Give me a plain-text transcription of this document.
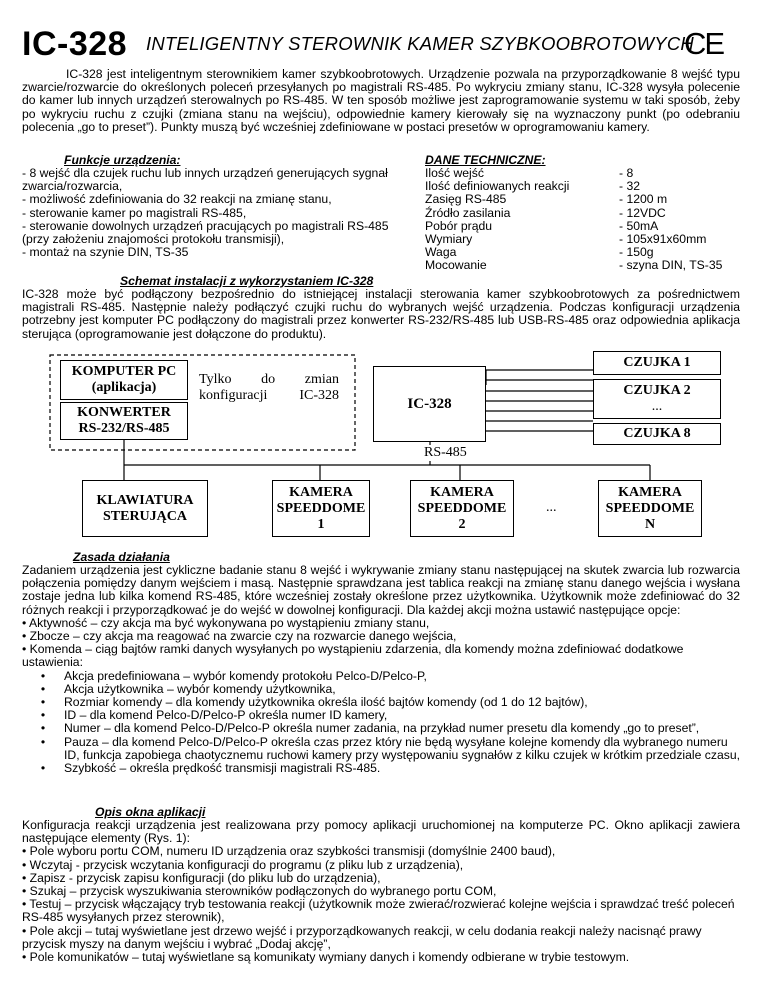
IC-328 INTELIGENTNY STEROWNIK KAMER SZYBKOOBROTOWYCH
CE

IC-328 jest inteligentnym sterownikiem kamer szybkoobrotowych. Urządzenie pozwala na przyporządkowanie 8 wejść typu zwarcie/rozwarcie do określonych poleceń przesyłanych po magistrali RS-485. Po wykryciu zmiany stanu, IC-328 wysyła polecenie do kamer lub innych urządzeń sterowalnych po RS-485. W ten sposób możliwe jest zaprogramowanie systemu w taki sposób, żeby po wykryciu ruchu z czujki (zmiana stanu na wejściu), odpowiednie kamery kierowały się na wyznaczony punkt (po odebraniu polecenia „go to preset”). Punkty muszą być wcześniej zdefiniowane w postaci presetów w oprogramowaniu kamery.

Funkcje urządzenia:
- 8 wejść dla czujek ruchu lub innych urządzeń generujących sygnał zwarcia/rozwarcia,
- możliwość zdefiniowania do 32 reakcji na zmianę stanu,
- sterowanie kamer po magistrali RS-485,
- sterowanie dowolnych urządzeń pracujących po magistrali RS-485 (przy założeniu znajomości protokołu transmisji),
- montaż na szynie DIN, TS-35
DANE TECHNICZNE:
Ilość wejść	- 8
Ilość definiowanych reakcji	- 32
Zasięg RS-485	- 1200 m
Źródło zasilania	- 12VDC
Pobór prądu	- 50mA
Wymiary	- 105x91x60mm
Waga	- 150g
Mocowanie	- szyna DIN, TS-35
Schemat instalacji z wykorzystaniem IC-328

IC-328 może być podłączony bezpośrednio do istniejącej instalacji sterowania kamer szybkoobrotowych za pośrednictwem magistrali RS-485. Następnie należy podłączyć czujki ruchu do wybranych wejść urządzenia. Podczas konfiguracji urządzenia potrzebny jest komputer PC podłączony do magistrali przez konwerter RS-232/RS-485 lub USB-RS-485 oraz odpowiednia aplikacja sterująca (oprogramowanie jest dołączone do produktu).

KOMPUTER PC
(aplikacja)
KONWERTER
RS-232/RS-485
Tylko do zmian konfiguracji IC-328
IC-328
CZUJKA 1
CZUJKA 2
...
CZUJKA 8
RS-485
KLAWIATURA
STERUJĄCA
KAMERA
SPEEDDOME
1
KAMERA
SPEEDDOME
2
...
KAMERA
SPEEDDOME
N
Zasada działania

Zadaniem urządzenia jest cykliczne badanie stanu 8 wejść i wykrywanie zmiany stanu następującej na skutek zwarcia lub rozwarcia połączenia pomiędzy danym wejściem i masą. Następnie sprawdzana jest tablica reakcji na zmianę stanu danego wejścia i wysłana zostaje jedna lub kilka komend RS-485, które wcześniej zostały określone przez użytkownika. Użytkownik może zdefiniować do 32 różnych reakcji i przyporządkować je do wejść w dowolnej konfiguracji. Dla każdej akcji można ustawić następujące opcje:

• Aktywność – czy akcja ma być wykonywana po wystąpieniu zmiany stanu,
• Zbocze – czy akcja ma reagować na zwarcie czy na rozwarcie danego wejścia,
• Komenda – ciąg bajtów ramki danych wysyłanych po wystąpieniu zdarzenia, dla komendy można zdefiniować dodatkowe ustawienia:
•	Akcja predefiniowana – wybór komendy protokołu Pelco-D/Pelco-P,
•	Akcja użytkownika – wybór komendy użytkownika,
•	Rozmiar komendy – dla komendy użytkownika określa ilość bajtów komendy (od 1 do 12 bajtów),
•	ID – dla komend Pelco-D/Pelco-P określa numer ID kamery,
•	Numer – dla komend Pelco-D/Pelco-P określa numer zadania, na przykład numer presetu dla komendy „go to preset”,
•	Pauza – dla komend Pelco-D/Pelco-P określa czas przez który nie będą wysyłane kolejne komendy dla wybranego numeru ID, funkcja zapobiega chaotycznemu ruchowi kamery przy występowaniu sygnałów z kilku czujek w krótkim przedziale czasu,
•	Szybkość – określa prędkość transmisji magistrali RS-485.
Opis okna aplikacji

Konfiguracja reakcji urządzenia jest realizowana przy pomocy aplikacji uruchomionej na komputerze PC. Okno aplikacji zawiera następujące elementy (Rys. 1):

• Pole wyboru portu COM, numeru ID urządzenia oraz szybkości transmisji (domyślnie 2400 baud),
• Wczytaj - przycisk wczytania konfiguracji do programu (z pliku lub z urządzenia),
• Zapisz - przycisk zapisu konfiguracji (do pliku lub do urządzenia),
• Szukaj – przycisk wyszukiwania sterowników podłączonych do wybranego portu COM,
• Testuj – przycisk włączający tryb testowania reakcji (użytkownik może zwierać/rozwierać kolejne wejścia i sprawdzać treść poleceń RS-485 wysyłanych przez sterownik),
• Pole akcji – tutaj wyświetlane jest drzewo wejść i przyporządkowanych reakcji, w celu dodania reakcji należy nacisnąć prawy przycisk myszy na danym wejściu i wybrać „Dodaj akcję”,
• Pole komunikatów – tutaj wyświetlane są komunikaty wymiany danych i komendy odbierane w trybie testowym.
